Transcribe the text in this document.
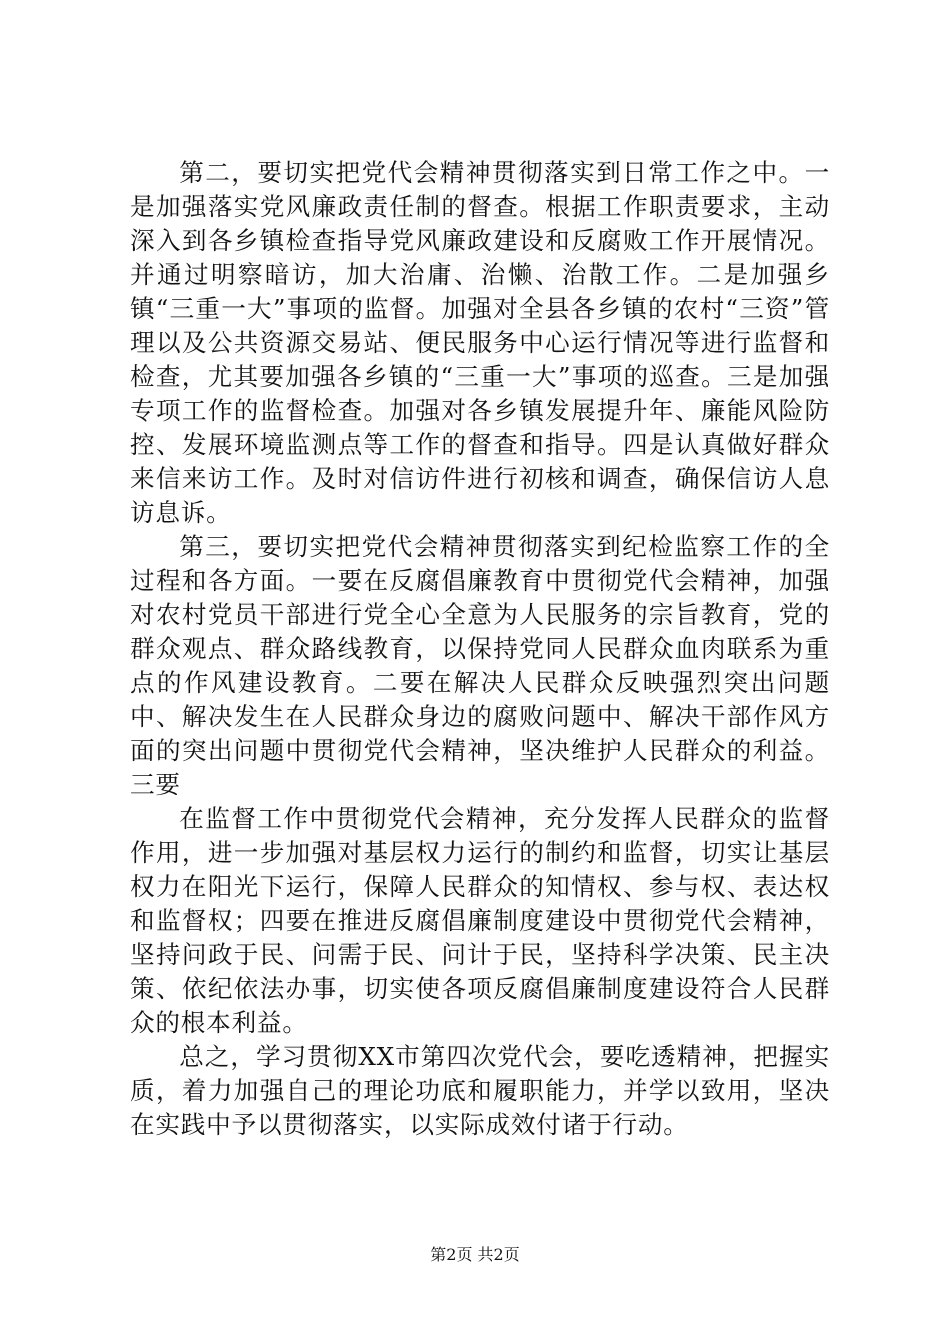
第二，要切实把党代会精神贯彻落实到日常工作之中。一是加强落实党风廉政责任制的督查。根据工作职责要求，主动深入到各乡镇检查指导党风廉政建设和反腐败工作开展情况。并通过明察暗访，加大治庸、治懒、治散工作。二是加强乡镇“三重一大”事项的监督。加强对全县各乡镇的农村“三资”管理以及公共资源交易站、便民服务中心运行情况等进行监督和检查，尤其要加强各乡镇的“三重一大”事项的巡查。三是加强专项工作的监督检查。加强对各乡镇发展提升年、廉能风险防控、发展环境监测点等工作的督查和指导。四是认真做好群众来信来访工作。及时对信访件进行初核和调查，确保信访人息访息诉。

第三，要切实把党代会精神贯彻落实到纪检监察工作的全过程和各方面。一要在反腐倡廉教育中贯彻党代会精神，加强对农村党员干部进行党全心全意为人民服务的宗旨教育，党的群众观点、群众路线教育，以保持党同人民群众血肉联系为重点的作风建设教育。二要在解决人民群众反映强烈突出问题中、解决发生在人民群众身边的腐败问题中、解决干部作风方面的突出问题中贯彻党代会精神，坚决维护人民群众的利益。三要

在监督工作中贯彻党代会精神，充分发挥人民群众的监督作用，进一步加强对基层权力运行的制约和监督，切实让基层权力在阳光下运行，保障人民群众的知情权、参与权、表达权和监督权；四要在推进反腐倡廉制度建设中贯彻党代会精神，坚持问政于民、问需于民、问计于民，坚持科学决策、民主决策、依纪依法办事，切实使各项反腐倡廉制度建设符合人民群众的根本利益。

总之，学习贯彻XX市第四次党代会，要吃透精神，把握实质，着力加强自己的理论功底和履职能力，并学以致用，坚决在实践中予以贯彻落实，以实际成效付诸于行动。

第2页 共2页
